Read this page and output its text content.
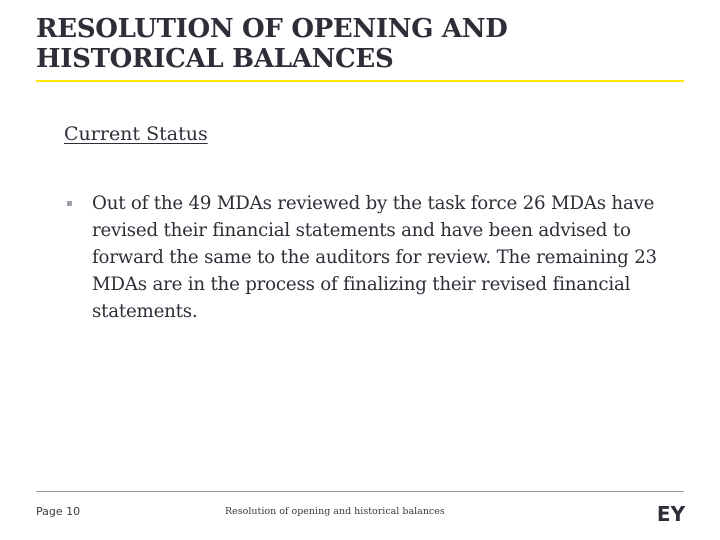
RESOLUTION OF OPENING AND HISTORICAL BALANCES
Current Status
▪	Out of the 49 MDAs reviewed by the task force 26 MDAs have revised their financial statements and have been advised to forward the same to the auditors for review. The remaining 23 MDAs are in the process of finalizing their revised financial statements.
Page 10	Resolution of opening and historical balances	EY
